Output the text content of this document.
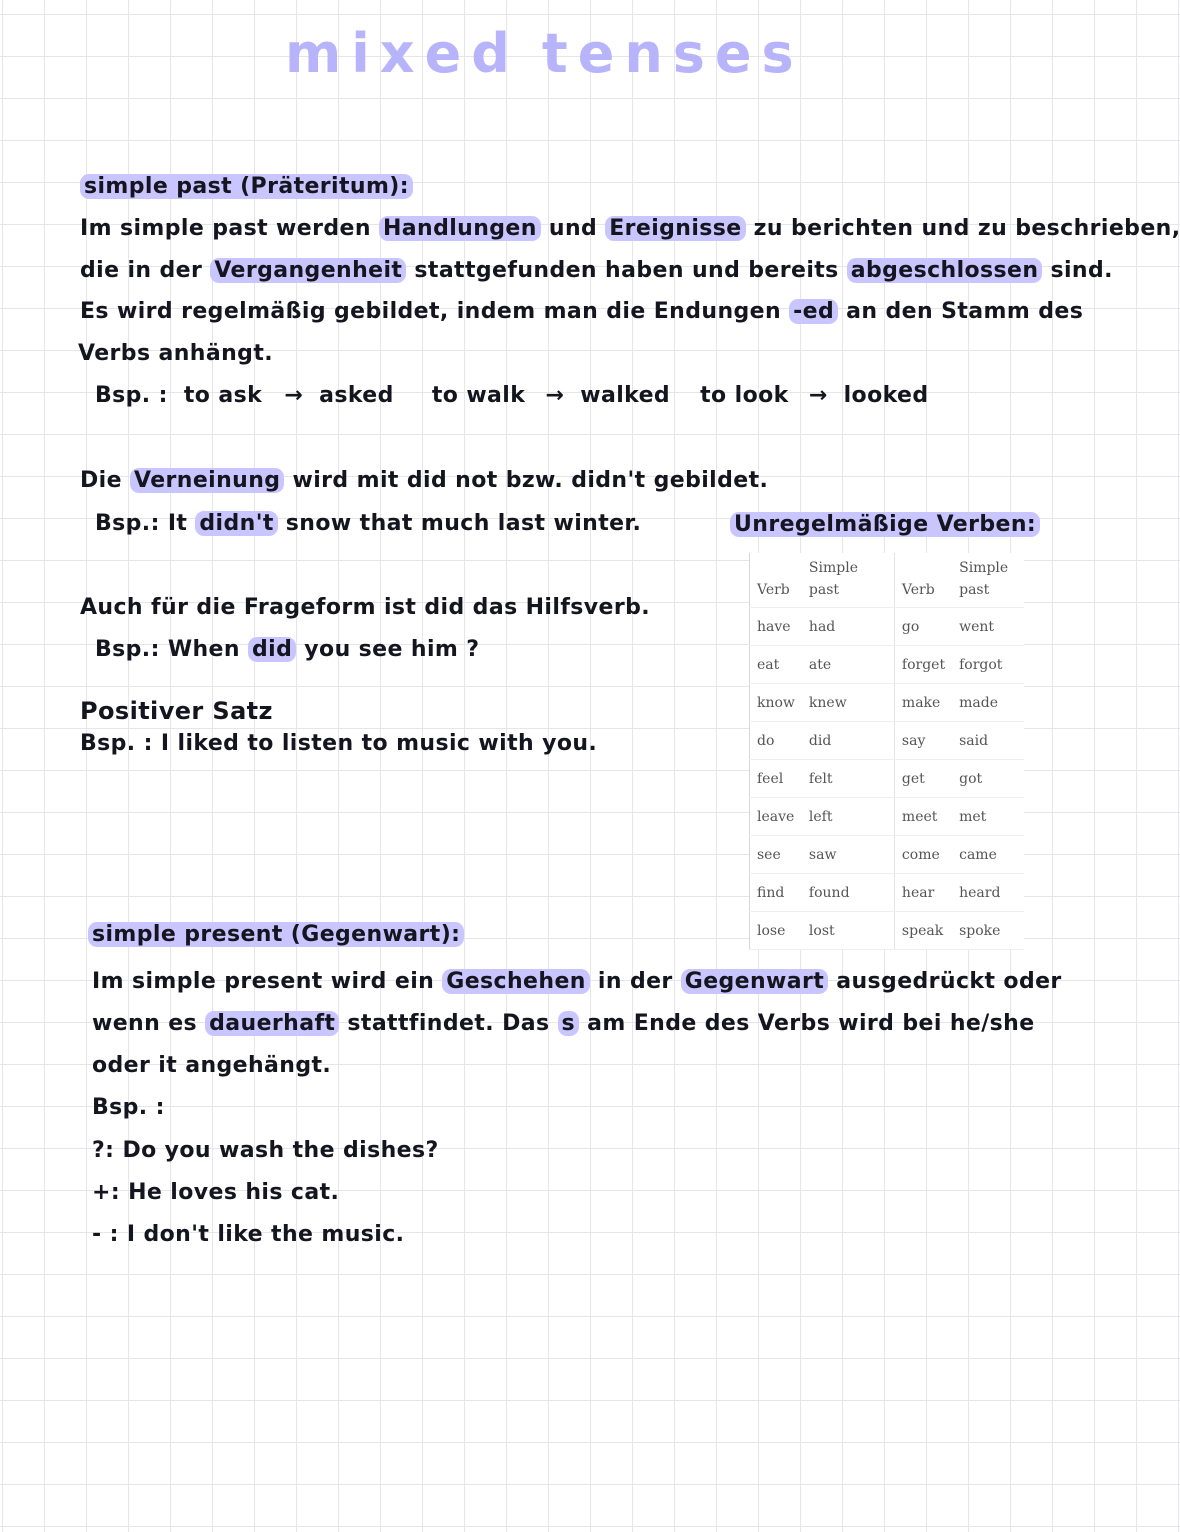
mixed tenses
simple past (Präteritum):
Im simple past werden Handlungen und Ereignisse zu berichten und zu beschrieben,
die in der Vergangenheit stattgefunden haben und bereits abgeschlossen sind.
Es wird regelmäßig gebildet, indem man die Endungen -ed an den Stamm des
Verbs anhängt.
Bsp. : to ask → asked to walk → walked to look → looked
Die Verneinung wird mit did not bzw. didn't gebildet.
Bsp.: It didn't snow that much last winter.
Auch für die Frageform ist did das Hilfsverb.
Bsp.: When did you see him ?
Positiver Satz
Bsp. : I liked to listen to music with you.
Unregelmäßige Verben:
Verb	Simple past	Verb	Simple past
have	had	go	went
eat	ate	forget	forgot
know	knew	make	made
do	did	say	said
feel	felt	get	got
leave	left	meet	met
see	saw	come	came
find	found	hear	heard
lose	lost	speak	spoke
simple present (Gegenwart):
Im simple present wird ein Geschehen in der Gegenwart ausgedrückt oder
wenn es dauerhaft stattfindet. Das s am Ende des Verbs wird bei he/she
oder it angehängt.
Bsp. :
?: Do you wash the dishes?
+: He loves his cat.
- : I don't like the music.
